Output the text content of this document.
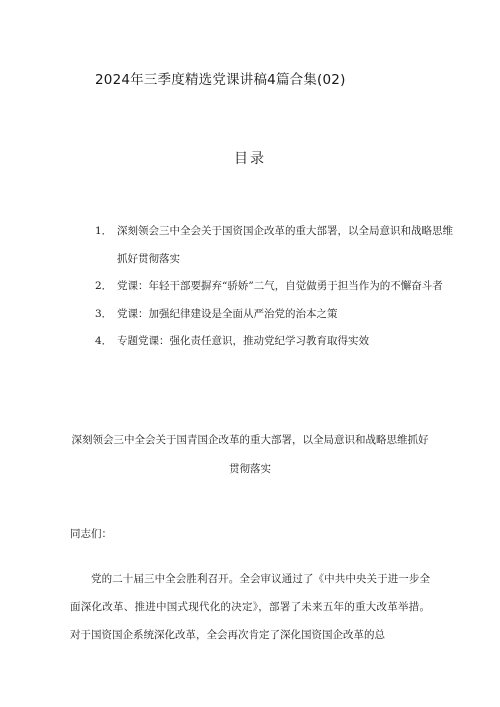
2024年三季度精选党课讲稿4篇合集(02)
目录
1． 深刻领会三中全会关于国资国企改革的重大部署，以全局意识和战略思维抓好贯彻落实
2． 党课：年轻干部要摒弃“骄娇”二气，自觉做勇于担当作为的不懈奋斗者
3． 党课：加强纪律建设是全面从严治党的治本之策
4． 专题党课：强化责任意识，推动党纪学习教育取得实效
深刻领会三中全会关于国青国企改革的重大部署，以全局意识和战略思维抓好贯彻落实
同志们：

党的二十届三中全会胜利召开。全会审议通过了《中共中央关于进一步全面深化改革、推进中国式现代化的决定》，部署了未来五年的重大改革举措。对于国资国企系统深化改革，全会再次肯定了深化国资国企改革的总
